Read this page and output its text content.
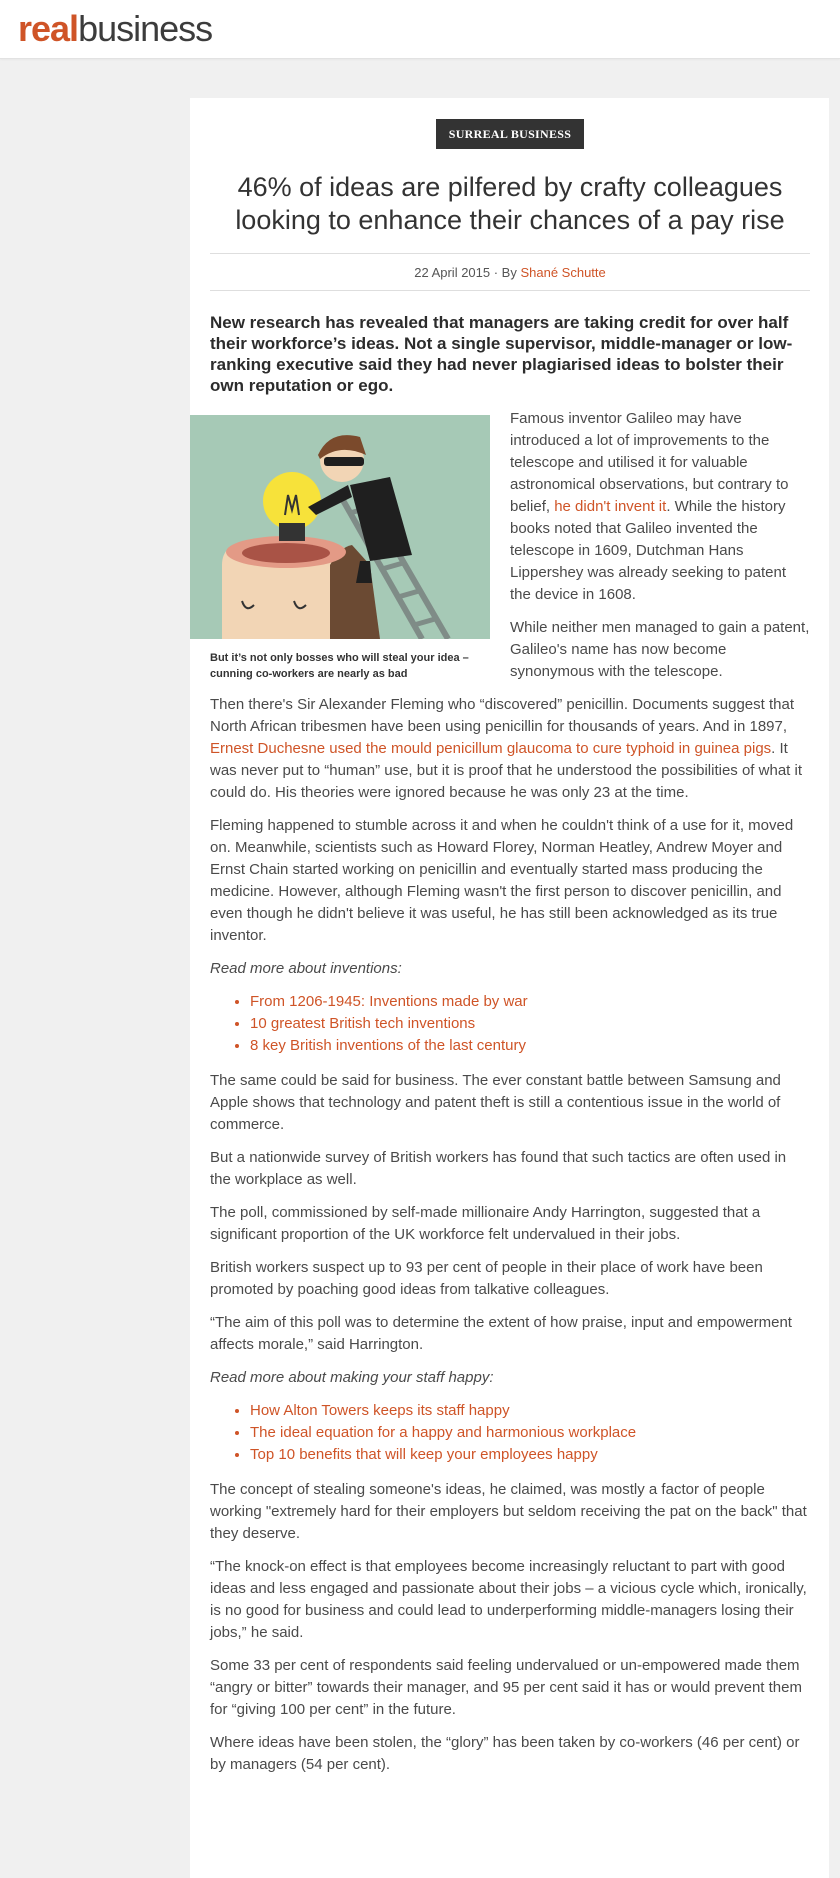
realbusiness
SURREAL BUSINESS
46% of ideas are pilfered by crafty colleagues looking to enhance their chances of a pay rise
22 April 2015 · By Shané Schutte

New research has revealed that managers are taking credit for over half their workforce’s ideas. Not a single supervisor, middle-manager or low-ranking executive said they had never plagiarised ideas to bolster their own reputation or ego.

But it’s not only bosses who will steal your idea – cunning co-workers are nearly as bad

Famous inventor Galileo may have introduced a lot of improvements to the telescope and utilised it for valuable astronomical observations, but contrary to belief, he didn't invent it. While the history books noted that Galileo invented the telescope in 1609, Dutchman Hans Lippershey was already seeking to patent the device in 1608.

While neither men managed to gain a patent, Galileo's name has now become synonymous with the telescope.

Then there's Sir Alexander Fleming who “discovered” penicillin. Documents suggest that North African tribesmen have been using penicillin for thousands of years. And in 1897, Ernest Duchesne used the mould penicillum glaucoma to cure typhoid in guinea pigs. It was never put to “human” use, but it is proof that he understood the possibilities of what it could do. His theories were ignored because he was only 23 at the time.

Fleming happened to stumble across it and when he couldn't think of a use for it, moved on. Meanwhile, scientists such as Howard Florey, Norman Heatley, Andrew Moyer and Ernst Chain started working on penicillin and eventually started mass producing the medicine. However, although Fleming wasn't the first person to discover penicillin, and even though he didn't believe it was useful, he has still been acknowledged as its true inventor.

Read more about inventions:

• From 1206-1945: Inventions made by war
• 10 greatest British tech inventions
• 8 key British inventions of the last century

The same could be said for business. The ever constant battle between Samsung and Apple shows that technology and patent theft is still a contentious issue in the world of commerce.

But a nationwide survey of British workers has found that such tactics are often used in the workplace as well.

The poll, commissioned by self-made millionaire Andy Harrington, suggested that a significant proportion of the UK workforce felt undervalued in their jobs.

British workers suspect up to 93 per cent of people in their place of work have been promoted by poaching good ideas from talkative colleagues.

“The aim of this poll was to determine the extent of how praise, input and empowerment affects morale,” said Harrington.

Read more about making your staff happy:

• How Alton Towers keeps its staff happy
• The ideal equation for a happy and harmonious workplace
• Top 10 benefits that will keep your employees happy

The concept of stealing someone's ideas, he claimed, was mostly a factor of people working "extremely hard for their employers but seldom receiving the pat on the back" that they deserve.

“The knock-on effect is that employees become increasingly reluctant to part with good ideas and less engaged and passionate about their jobs – a vicious cycle which, ironically, is no good for business and could lead to underperforming middle-managers losing their jobs,” he said.

Some 33 per cent of respondents said feeling undervalued or un-empowered made them “angry or bitter” towards their manager, and 95 per cent said it has or would prevent them for “giving 100 per cent” in the future.

Where ideas have been stolen, the “glory” has been taken by co-workers (46 per cent) or by managers (54 per cent).
